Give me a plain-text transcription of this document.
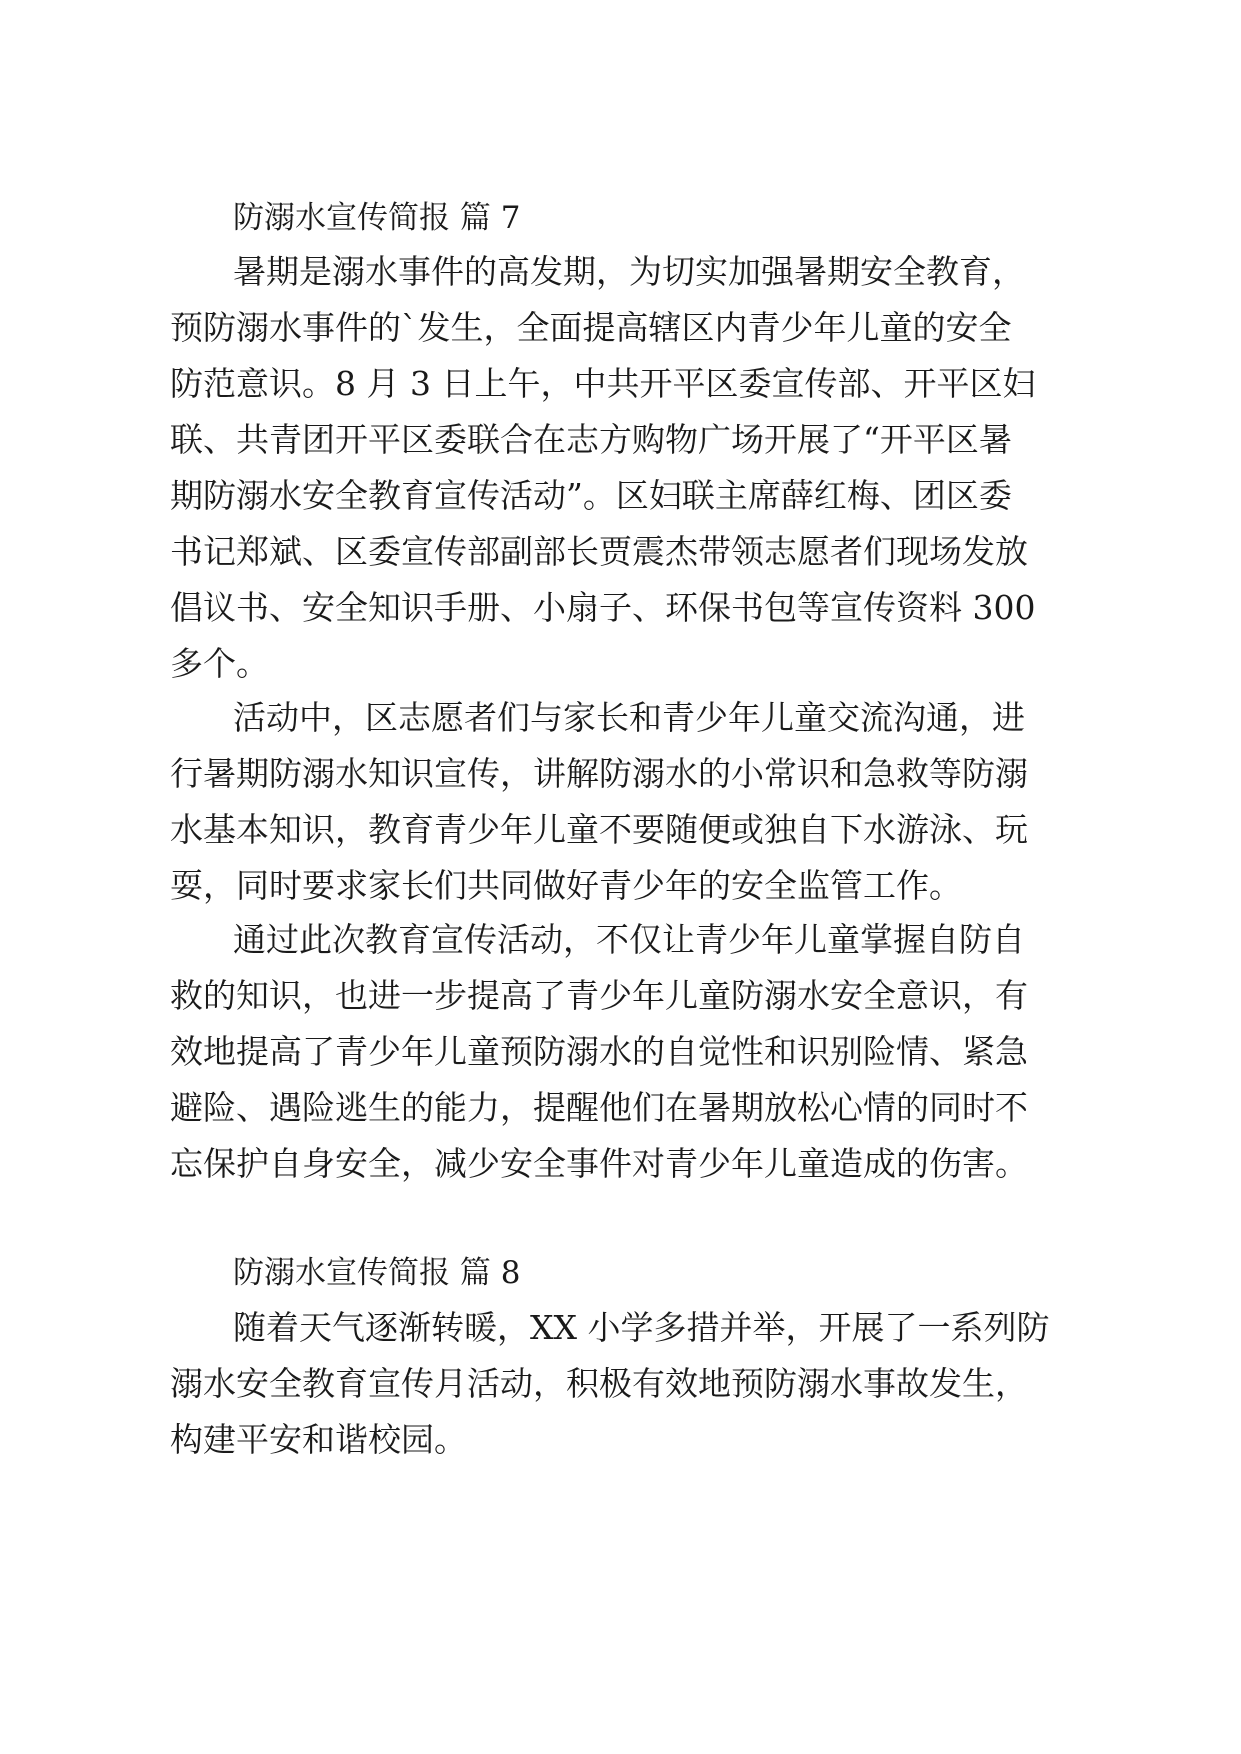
防溺水宣传简报 篇 7
暑期是溺水事件的高发期，为切实加强暑期安全教育，
预防溺水事件的`发生，全面提高辖区内青少年儿童的安全
防范意识。8 月 3 日上午，中共开平区委宣传部、开平区妇
联、共青团开平区委联合在志方购物广场开展了“开平区暑
期防溺水安全教育宣传活动”。区妇联主席薛红梅、团区委
书记郑斌、区委宣传部副部长贾震杰带领志愿者们现场发放
倡议书、安全知识手册、小扇子、环保书包等宣传资料 300
多个。
活动中，区志愿者们与家长和青少年儿童交流沟通，进
行暑期防溺水知识宣传，讲解防溺水的小常识和急救等防溺
水基本知识，教育青少年儿童不要随便或独自下水游泳、玩
耍，同时要求家长们共同做好青少年的安全监管工作。
通过此次教育宣传活动，不仅让青少年儿童掌握自防自
救的知识，也进一步提高了青少年儿童防溺水安全意识，有
效地提高了青少年儿童预防溺水的自觉性和识别险情、紧急
避险、遇险逃生的能力，提醒他们在暑期放松心情的同时不
忘保护自身安全，减少安全事件对青少年儿童造成的伤害。
防溺水宣传简报 篇 8
随着天气逐渐转暖，XX 小学多措并举，开展了一系列防
溺水安全教育宣传月活动，积极有效地预防溺水事故发生，
构建平安和谐校园。
